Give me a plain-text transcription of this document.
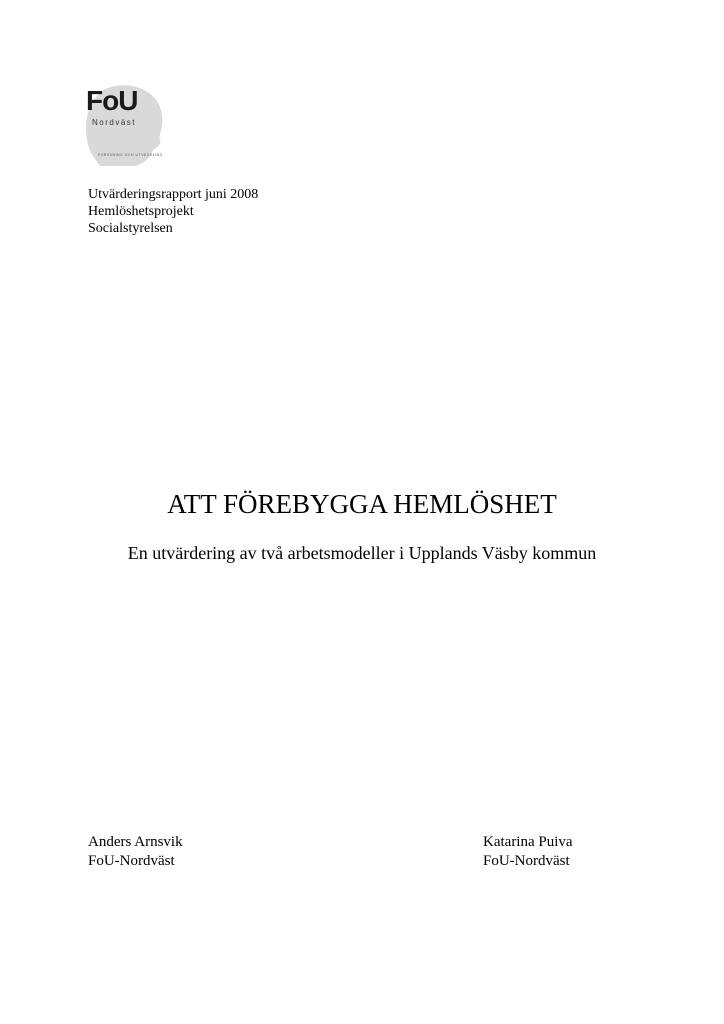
FoU
Nordväst
FORSKNING OCH UTVECKLING
Utvärderingsrapport juni 2008
Hemlöshetsprojekt
Socialstyrelsen
ATT FÖREBYGGA HEMLÖSHET
En utvärdering av två arbetsmodeller i Upplands Väsby kommun
Anders Arnsvik
FoU-Nordväst
Katarina Puiva
FoU-Nordväst
